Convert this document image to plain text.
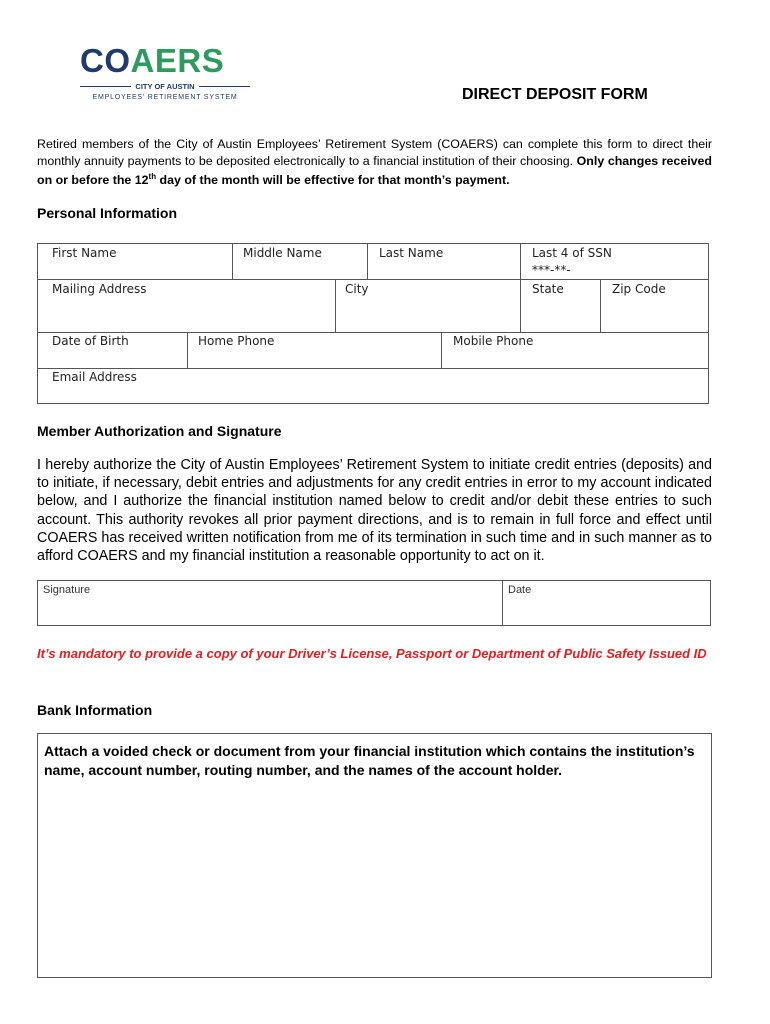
COAERS
CITY OF AUSTIN
EMPLOYEES' RETIREMENT SYSTEM	DIRECT DEPOSIT FORM
Retired members of the City of Austin Employees’ Retirement System (COAERS) can complete this form to direct their monthly annuity payments to be deposited electronically to a financial institution of their choosing. Only changes received on or before the 12th day of the month will be effective for that month’s payment.
Personal Information
First Name	Middle Name	Last Name	Last 4 of SSN
***-**-
Mailing Address	City	State	Zip Code
Date of Birth	Home Phone	Mobile Phone
Email Address
Member Authorization and Signature
I hereby authorize the City of Austin Employees’ Retirement System to initiate credit entries (deposits) and to initiate, if necessary, debit entries and adjustments for any credit entries in error to my account indicated below, and I authorize the financial institution named below to credit and/or debit these entries to such account. This authority revokes all prior payment directions, and is to remain in full force and effect until COAERS has received written notification from me of its termination in such time and in such manner as to afford COAERS and my financial institution a reasonable opportunity to act on it.
Signature	Date
It’s mandatory to provide a copy of your Driver’s License, Passport or Department of Public Safety Issued ID
Bank Information
Attach a voided check or document from your financial institution which contains the institution’s name, account number, routing number, and the names of the account holder.
